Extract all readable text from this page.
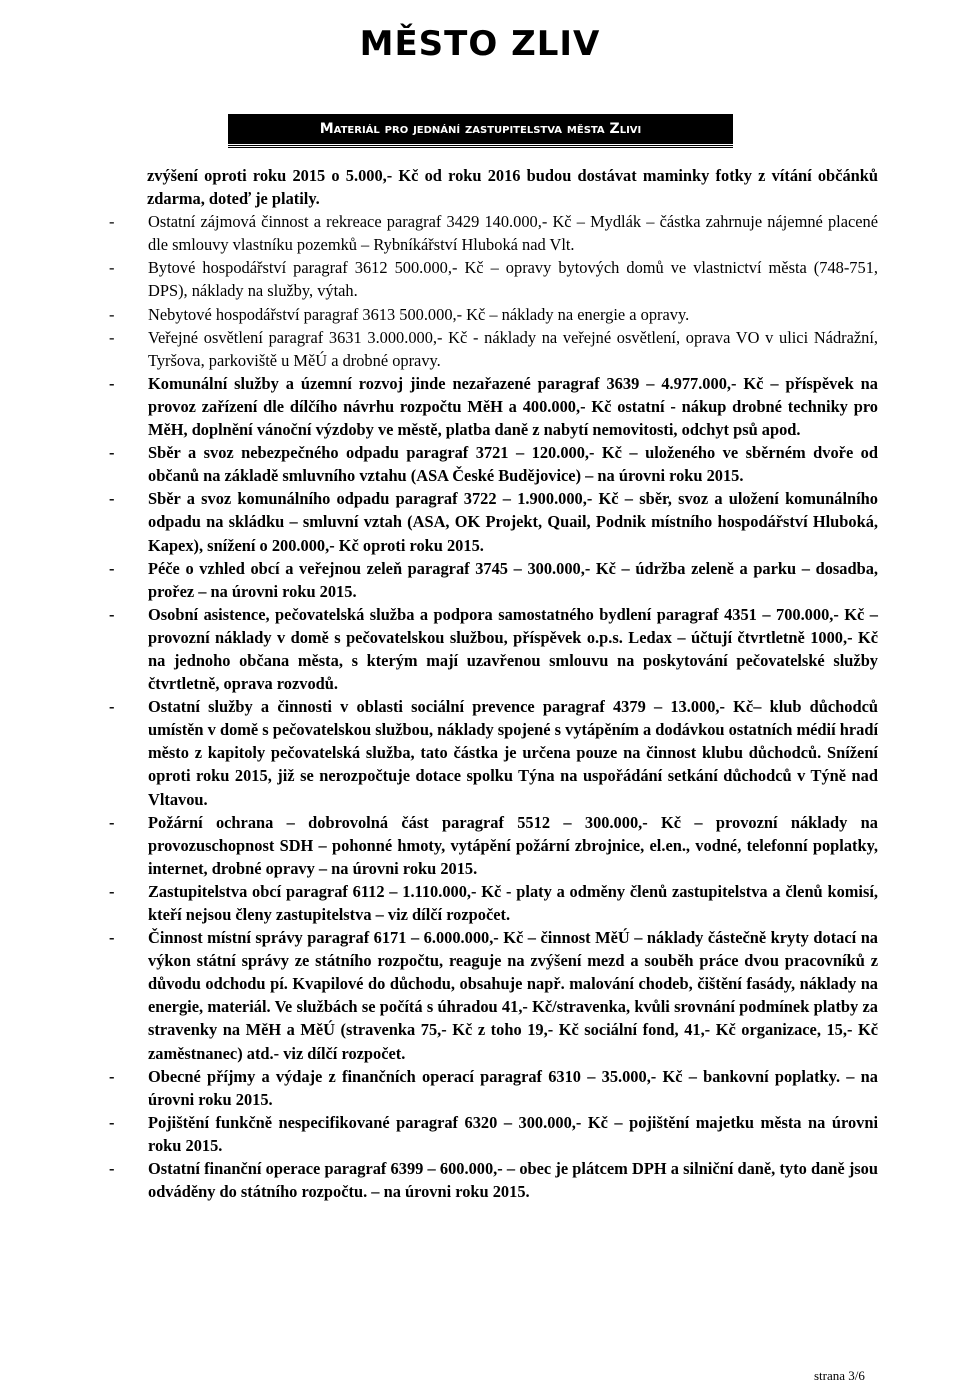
MĚSTO ZLIV
Materiál pro jednání zastupitelstva města Zlivi
zvýšení oproti roku 2015 o 5.000,- Kč od roku 2016 budou dostávat maminky fotky z vítání občánků zdarma, doteď je platily.
-	Ostatní zájmová činnost a rekreace paragraf 3429 140.000,- Kč – Mydlák – částka zahrnuje nájemné placené dle smlouvy vlastníku pozemků – Rybníkářství Hluboká nad Vlt.
-	Bytové hospodářství paragraf 3612 500.000,- Kč – opravy bytových domů ve vlastnictví města (748-751, DPS), náklady na služby, výtah.
-	Nebytové hospodářství paragraf 3613 500.000,- Kč – náklady na energie a opravy.
-	Veřejné osvětlení paragraf 3631 3.000.000,- Kč - náklady na veřejné osvětlení, oprava VO v ulici Nádražní, Tyršova, parkoviště u MěÚ a drobné opravy.
-	Komunální služby a územní rozvoj jinde nezařazené paragraf 3639 – 4.977.000,- Kč – příspěvek na provoz zařízení dle dílčího návrhu rozpočtu MěH a 400.000,- Kč ostatní - nákup drobné techniky pro MěH, doplnění vánoční výzdoby ve městě, platba daně z nabytí nemovitosti, odchyt psů apod.
-	Sběr a svoz nebezpečného odpadu paragraf 3721 – 120.000,- Kč – uloženého ve sběrném dvoře od občanů na základě smluvního vztahu (ASA České Budějovice) – na úrovni roku 2015.
-	Sběr a svoz komunálního odpadu paragraf 3722 – 1.900.000,- Kč – sběr, svoz a uložení komunálního odpadu na skládku – smluvní vztah (ASA, OK Projekt, Quail, Podnik místního hospodářství Hluboká, Kapex), snížení o 200.000,- Kč oproti roku 2015.
-	Péče o vzhled obcí a veřejnou zeleň paragraf 3745 – 300.000,- Kč – údržba zeleně a parku – dosadba, prořez – na úrovni roku 2015.
-	Osobní asistence, pečovatelská služba a podpora samostatného bydlení paragraf 4351 – 700.000,- Kč – provozní náklady v domě s pečovatelskou službou, příspěvek o.p.s. Ledax – účtují čtvrtletně 1000,- Kč na jednoho občana města, s kterým mají uzavřenou smlouvu na poskytování pečovatelské služby čtvrtletně, oprava rozvodů.
-	Ostatní služby a činnosti v oblasti sociální prevence paragraf 4379 – 13.000,- Kč– klub důchodců umístěn v domě s pečovatelskou službou, náklady spojené s vytápěním a dodávkou ostatních médií hradí město z kapitoly pečovatelská služba, tato částka je určena pouze na činnost klubu důchodců. Snížení oproti roku 2015, již se nerozpočtuje dotace spolku Týna na uspořádání setkání důchodců v Týně nad Vltavou.
-	Požární ochrana – dobrovolná část paragraf 5512 – 300.000,- Kč – provozní náklady na provozuschopnost SDH – pohonné hmoty, vytápění požární zbrojnice, el.en., vodné, telefonní poplatky, internet, drobné opravy – na úrovni roku 2015.
-	Zastupitelstva obcí paragraf 6112 – 1.110.000,- Kč - platy a odměny členů zastupitelstva a členů komisí, kteří nejsou členy zastupitelstva – viz dílčí rozpočet.
-	Činnost místní správy paragraf 6171 – 6.000.000,- Kč – činnost MěÚ – náklady částečně kryty dotací na výkon státní správy ze státního rozpočtu, reaguje na zvýšení mezd a souběh práce dvou pracovníků z důvodu odchodu pí. Kvapilové do důchodu, obsahuje např. malování chodeb, čištění fasády, náklady na energie, materiál. Ve službách se počítá s úhradou 41,- Kč/stravenka, kvůli srovnání podmínek platby za stravenky na MěH a MěÚ (stravenka 75,- Kč z toho 19,- Kč sociální fond, 41,- Kč organizace, 15,- Kč zaměstnanec) atd.- viz dílčí rozpočet.
-	Obecné příjmy a výdaje z finančních operací paragraf 6310 – 35.000,- Kč – bankovní poplatky. – na úrovni roku 2015.
-	Pojištění funkčně nespecifikované paragraf 6320 – 300.000,- Kč – pojištění majetku města na úrovni roku 2015.
-	Ostatní finanční operace paragraf 6399 – 600.000,- – obec je plátcem DPH a silniční daně, tyto daně jsou odváděny do státního rozpočtu. – na úrovni roku 2015.
strana 3/6
